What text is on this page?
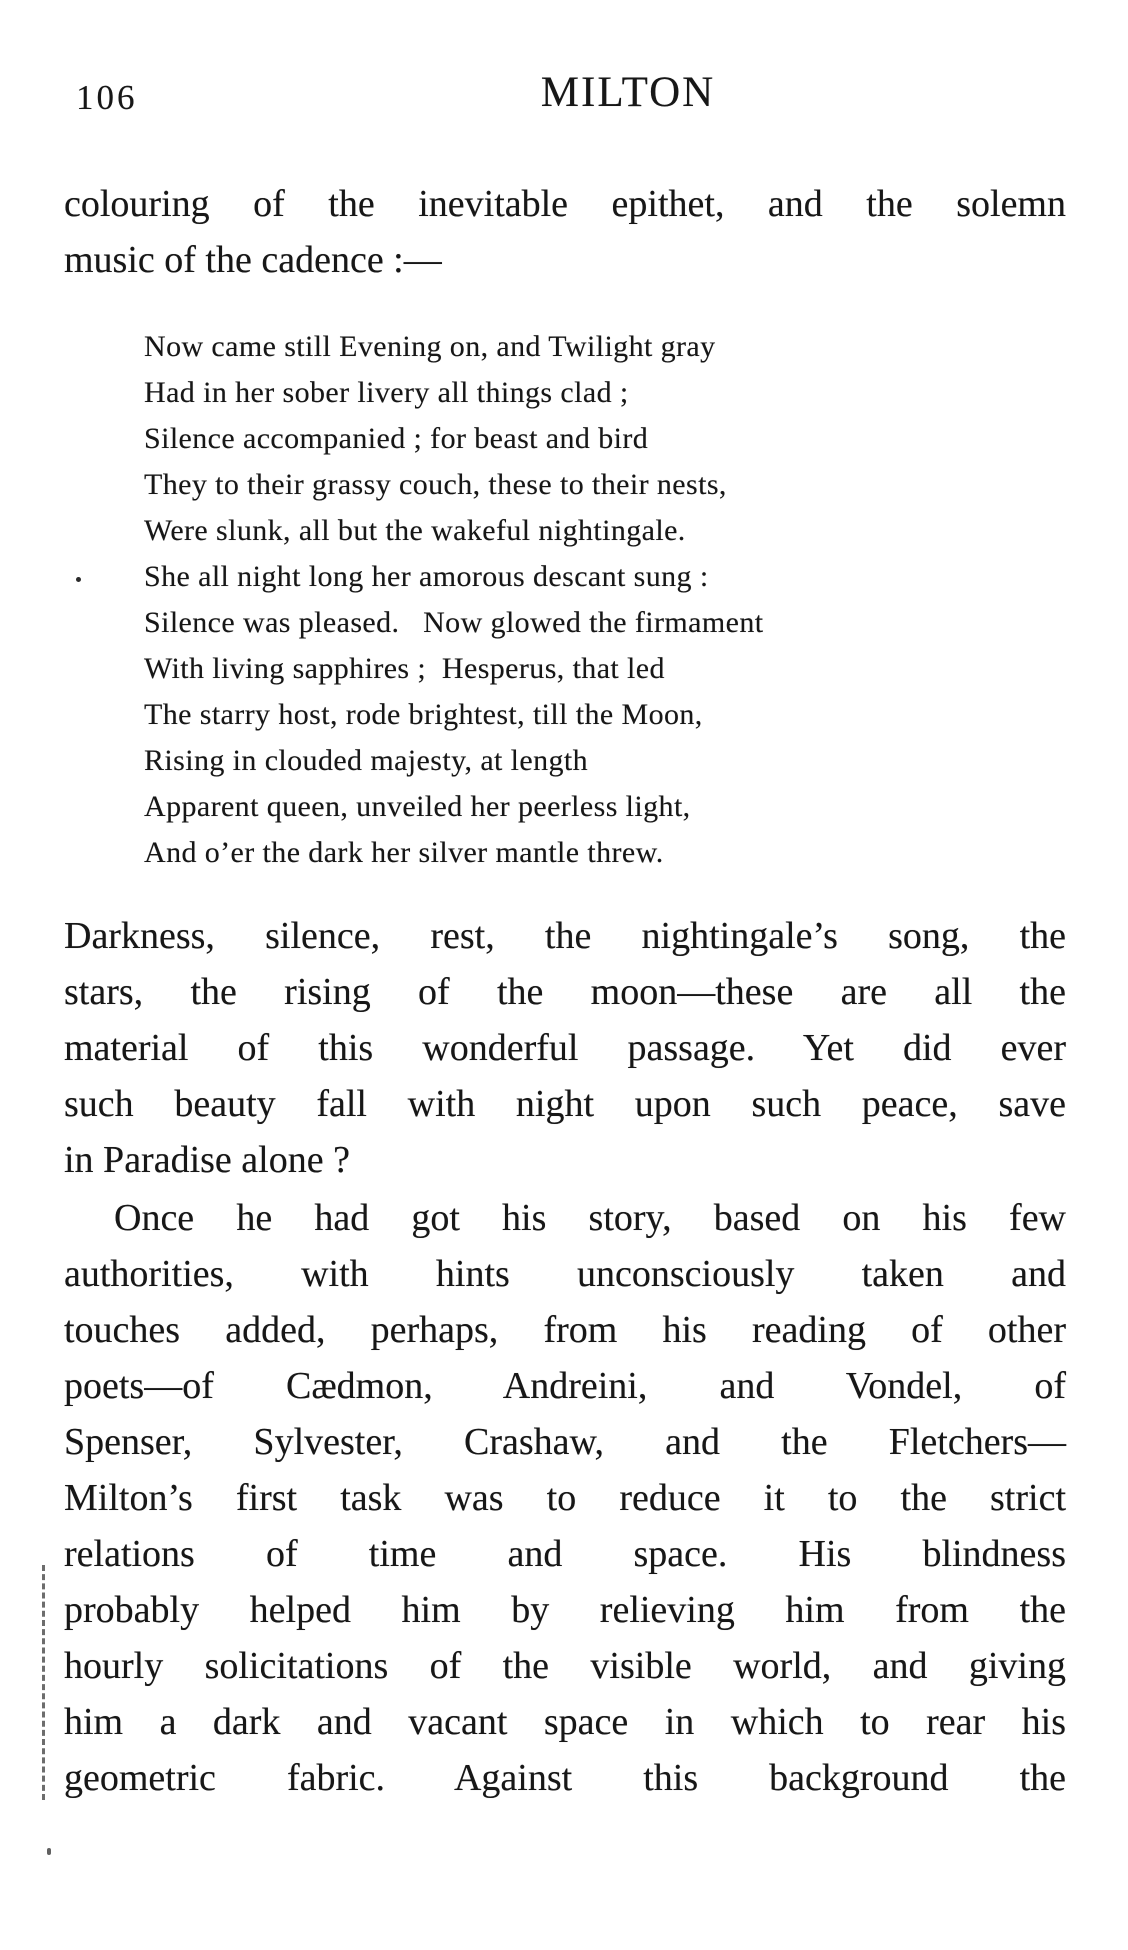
106	MILTON
colouring of the inevitable epithet, and the solemn
music of the cadence :—
Now came still Evening on, and Twilight gray
Had in her sober livery all things clad ;
Silence accompanied ; for beast and bird
They to their grassy couch, these to their nests,
Were slunk, all but the wakeful nightingale.
She all night long her amorous descant sung :
Silence was pleased.   Now glowed the firmament
With living sapphires ;  Hesperus, that led
The starry host, rode brightest, till the Moon,
Rising in clouded majesty, at length
Apparent queen, unveiled her peerless light,
And o’er the dark her silver mantle threw.
Darkness, silence, rest, the nightingale’s song, the
stars, the rising of the moon—these are all the
material of this wonderful passage. Yet did ever
such beauty fall with night upon such peace, save
in Paradise alone ?
Once he had got his story, based on his few
authorities, with hints unconsciously taken and
touches added, perhaps, from his reading of other
poets—of Cædmon, Andreini, and Vondel, of
Spenser, Sylvester, Crashaw, and the Fletchers—
Milton’s first task was to reduce it to the strict
relations of time and space. His blindness
probably helped him by relieving him from the
hourly solicitations of the visible world, and giving
him a dark and vacant space in which to rear his
geometric fabric. Against this background the
